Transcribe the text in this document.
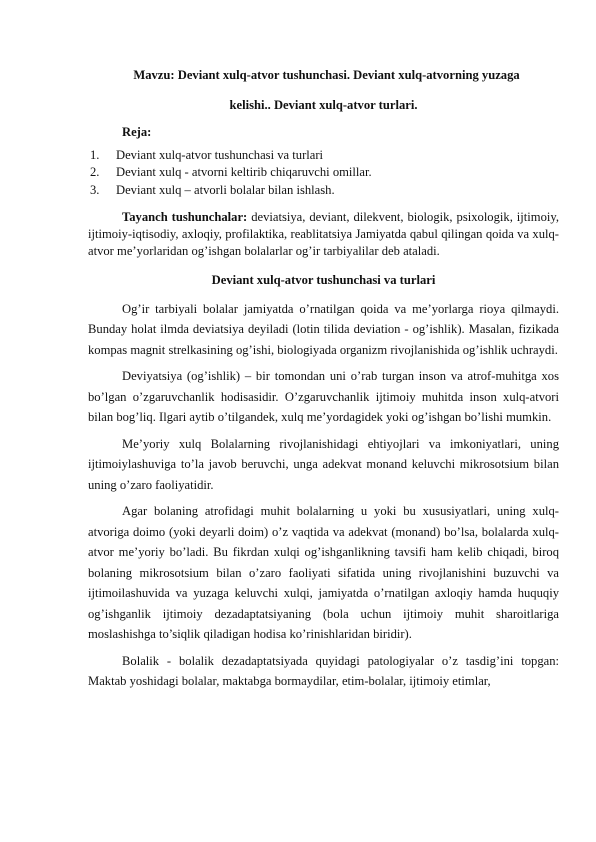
Mavzu: Deviant xulq-atvor tushunchasi. Deviant xulq-atvorning yuzaga
kelishi.. Deviant xulq-atvor turlari.
Reja:
1.	Deviant xulq-atvor tushunchasi va turlari
2.	Deviant xulq - atvorni keltirib chiqaruvchi omillar.
3.	Deviant xulq – atvorli bolalar bilan ishlash.

Tayanch tushunchalar: deviatsiya, deviant, dilekvent, biologik, psixologik, ijtimoiy, ijtimoiy-iqtisodiy, axloqiy, profilaktika, reablitatsiya Jamiyatda qabul qilingan qoida va xulq-atvor me’yorlaridan og’ishgan bolalarlar og’ir tarbiyalilar deb ataladi.

Deviant xulq-atvor tushunchasi va turlari

Og’ir tarbiyali bolalar jamiyatda o’rnatilgan qoida va me’yorlarga rioya qilmaydi. Bunday holat ilmda deviatsiya deyiladi (lotin tilida deviation - og’ishlik). Masalan, fizikada kompas magnit strelkasining og’ishi, biologiyada organizm rivojlanishida og’ishlik uchraydi.

Deviyatsiya (og’ishlik) – bir tomondan uni o’rab turgan inson va atrof-muhitga xos bo’lgan o’zgaruvchanlik hodisasidir. O’zgaruvchanlik ijtimoiy muhitda inson xulq-atvori bilan bog’liq. Ilgari aytib o’tilgandek, xulq me’yordagidek yoki og’ishgan bo’lishi mumkin.

Me’yoriy xulq Bolalarning rivojlanishidagi ehtiyojlari va imkoniyatlari, uning ijtimoiylashuviga to’la javob beruvchi, unga adekvat monand keluvchi mikrosotsium bilan uning o’zaro faoliyatidir.

Agar bolaning atrofidagi muhit bolalarning u yoki bu xususiyatlari, uning xulq-atvoriga doimo (yoki deyarli doim) o’z vaqtida va adekvat (monand) bo’lsa, bolalarda xulq-atvor me’yoriy bo’ladi. Bu fikrdan xulqi og’ishganlikning tavsifi ham kelib chiqadi, biroq bolaning mikrosotsium bilan o’zaro faoliyati sifatida uning rivojlanishini buzuvchi va ijtimoilashuvida va yuzaga keluvchi xulqi, jamiyatda o’rnatilgan axloqiy hamda huquqiy og’ishganlik ijtimoiy dezadaptatsiyaning (bola uchun ijtimoiy muhit sharoitlariga moslashishga to’siqlik qiladigan hodisa ko’rinishlaridan biridir).

Bolalik - bolalik dezadaptatsiyada quyidagi patologiyalar o’z tasdig’ini topgan: Maktab yoshidagi bolalar, maktabga bormaydilar, etim-bolalar, ijtimoiy etimlar,
